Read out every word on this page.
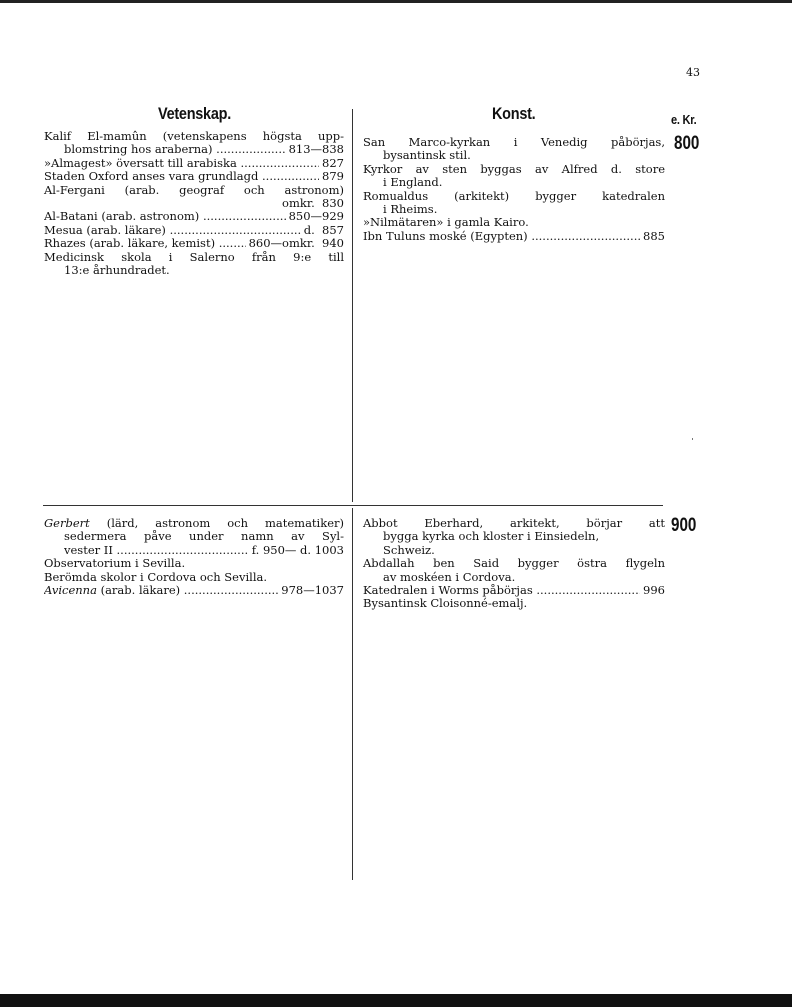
43
Vetenskap.	Konst.	e. Kr.
800
900
Kalif El-mamûn (vetenskapens högsta upp-
blomstring hos araberna) .....	813—838
»Almagest» översatt till arabiska .....	827
Staden Oxford anses vara grundlagd .....	879
Al-Fergani (arab. geograf och astronom)
omkr.  830
Al-Batani (arab. astronom) .....	850—929
Mesua (arab. läkare) .....	d.  857
Rhazes (arab. läkare, kemist) .....	860—omkr.  940
Medicinsk skola i Salerno från 9:e till
13:e århundradet.
San Marco-kyrkan i Venedig påbörjas,
bysantinsk stil.
Kyrkor av sten byggas av Alfred d. store
i England.
Romualdus (arkitekt) bygger katedralen
i Rheims.
»Nilmätaren» i gamla Kairo.
Ibn Tuluns moské (Egypten) .....	885
Gerbert (lärd, astronom och matematiker)
sedermera påve under namn av Syl-
vester II .....	f. 950— d. 1003
Observatorium i Sevilla.
Berömda skolor i Cordova och Sevilla.
Avicenna (arab. läkare) .....	978—1037
Abbot Eberhard, arkitekt, börjar att
bygga kyrka och kloster i Einsiedeln,
Schweiz.
Abdallah ben Said bygger östra flygeln
av moskéen i Cordova.
Katedralen i Worms påbörjas .....	996
Bysantinsk Cloisonné-emalj.
